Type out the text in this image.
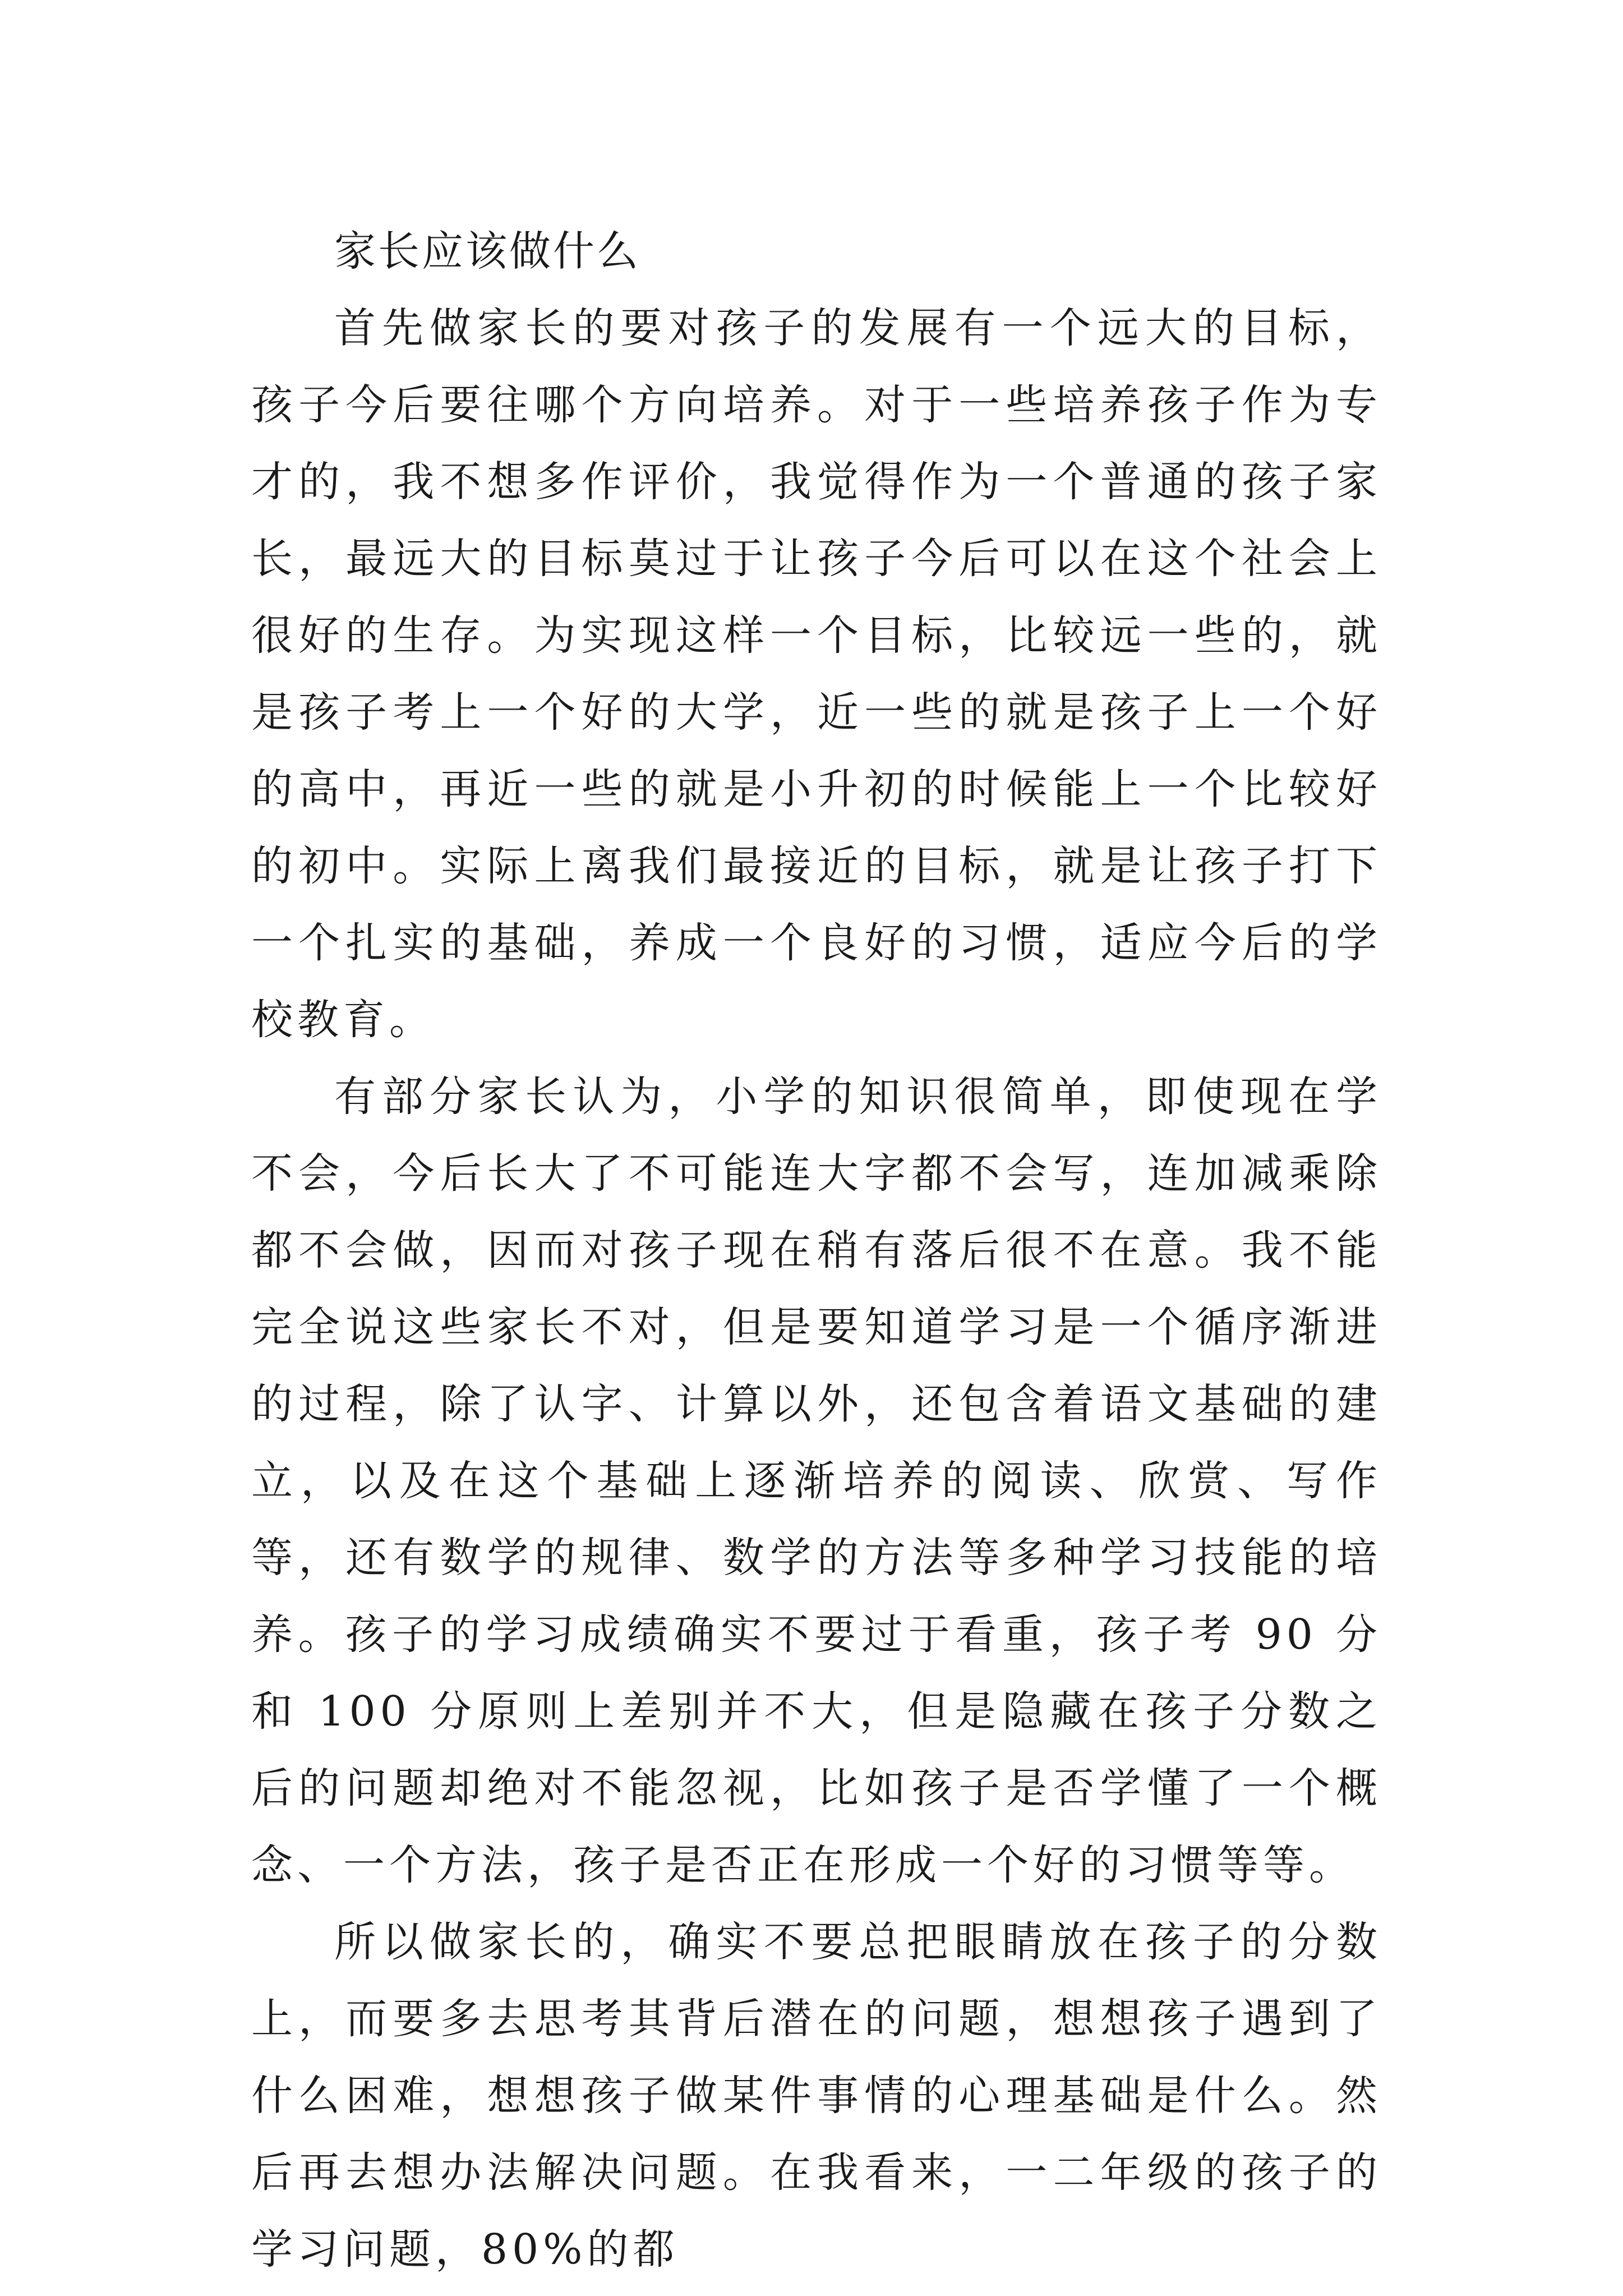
家长应该做什么

首先做家长的要对孩子的发展有一个远大的目标，孩子今后要往哪个方向培养。对于一些培养孩子作为专才的，我不想多作评价，我觉得作为一个普通的孩子家长，最远大的目标莫过于让孩子今后可以在这个社会上很好的生存。为实现这样一个目标，比较远一些的，就是孩子考上一个好的大学，近一些的就是孩子上一个好的高中，再近一些的就是小升初的时候能上一个比较好的初中。实际上离我们最接近的目标，就是让孩子打下一个扎实的基础，养成一个良好的习惯，适应今后的学校教育。

有部分家长认为，小学的知识很简单，即使现在学不会，今后长大了不可能连大字都不会写，连加减乘除都不会做，因而对孩子现在稍有落后很不在意。我不能完全说这些家长不对，但是要知道学习是一个循序渐进的过程，除了认字、计算以外，还包含着语文基础的建立，以及在这个基础上逐渐培养的阅读、欣赏、写作等，还有数学的规律、数学的方法等多种学习技能的培养。孩子的学习成绩确实不要过于看重，孩子考 90 分和 100 分原则上差别并不大，但是隐藏在孩子分数之后的问题却绝对不能忽视，比如孩子是否学懂了一个概念、一个方法，孩子是否正在形成一个好的习惯等等。

所以做家长的，确实不要总把眼睛放在孩子的分数上，而要多去思考其背后潜在的问题，想想孩子遇到了什么困难，想想孩子做某件事情的心理基础是什么。然后再去想办法解决问题。在我看来，一二年级的孩子的学习问题，80%的都
